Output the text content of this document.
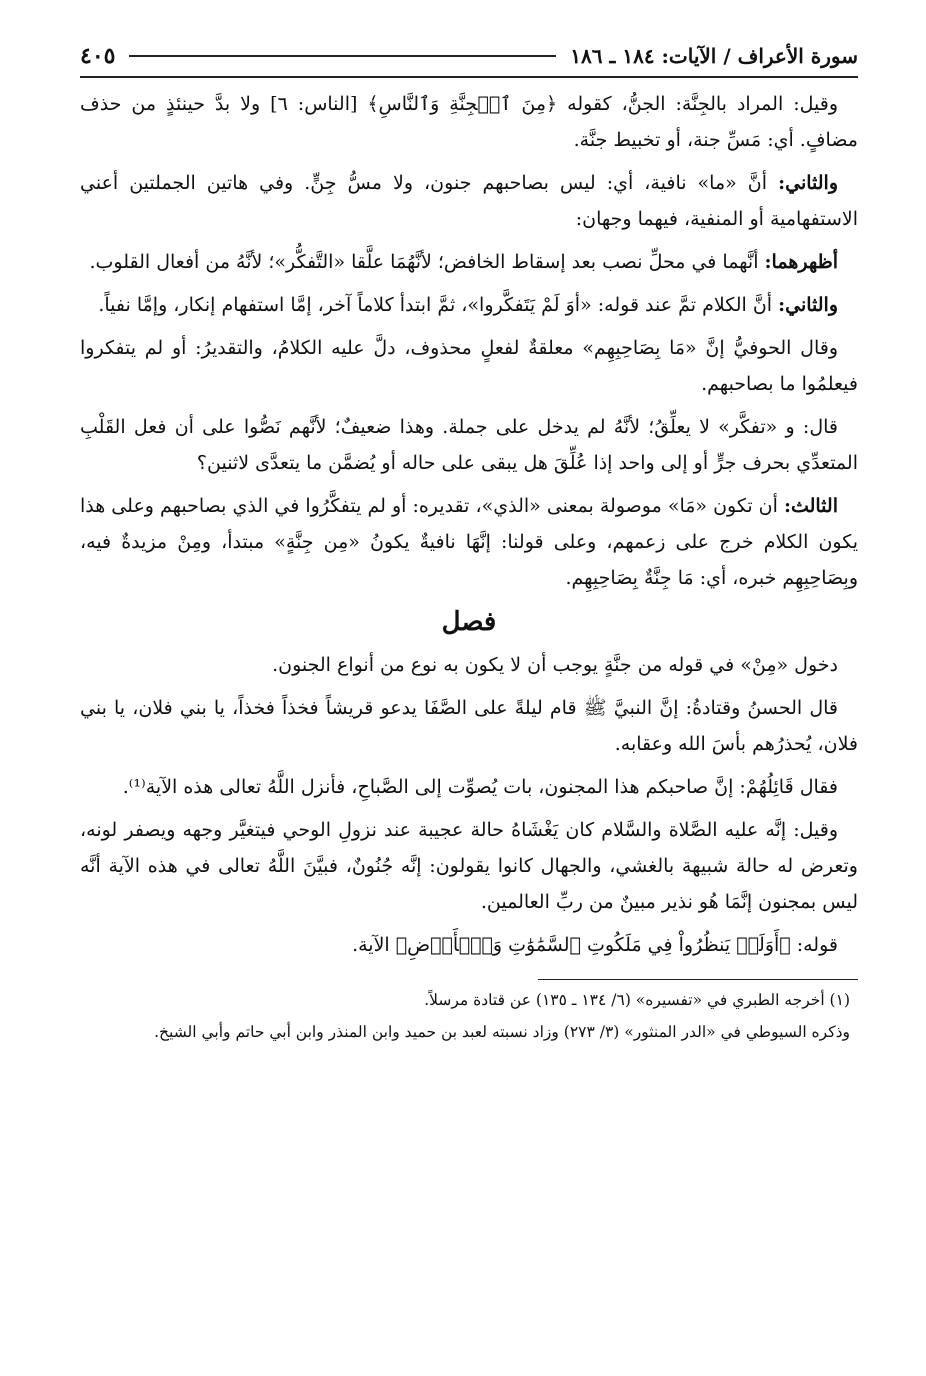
سورة الأعراف / الآيات: ١٨٤ ـ ١٨٦
٤٠٥

وقيل: المراد بالجِنَّة: الجنُّ، كقوله ﴿مِنَ ٱلۡجِنَّةِ وَٱلنَّاسِ﴾ [الناس: ٦] ولا بدَّ حينئذٍ من حذف مضافٍ. أي: مَسِّ جنة، أو تخبيط جنَّة.

والثاني: أنَّ «ما» نافية، أي: ليس بصاحبهم جنون، ولا مسُّ جِنٍّ. وفي هاتين الجملتين أعني الاستفهامية أو المنفية، فيهما وجهان:

أظهرهما: أنَّهما في محلِّ نصب بعد إسقاط الخافض؛ لأنَّهُمَا علَّقا «التَّفكُّر»؛ لأنَّهُ من أفعال القلوب.

والثاني: أنَّ الكلام تمَّ عند قوله: «أوَ لَمْ يَتَفكَّروا»، ثمَّ ابتدأ كلاماً آخر، إمَّا استفهام إنكار، وإمَّا نفياً.

وقال الحوفيُّ إنَّ «مَا بِصَاحِبِهِم» معلقةٌ لفعلٍ محذوف، دلَّ عليه الكلامُ، والتقديرُ: أو لم يتفكروا فيعلمُوا ما بصاحبهم.

قال: و «تفكَّر» لا يعلِّقُ؛ لأنَّهُ لم يدخل على جملة. وهذا ضعيفٌ؛ لأنَّهم نَصُّوا على أن فعل القَلْبِ المتعدِّي بحرف جرٍّ أو إلى واحد إذا عُلِّقَ هل يبقى على حاله أو يُضمَّن ما يتعدَّى لاثنين؟

الثالث: أن تكون «مَا» موصولة بمعنى «الذي»، تقديره: أو لم يتفكَّرُوا في الذي بصاحبهم وعلى هذا يكون الكلام خرج على زعمهم، وعلى قولنا: إنَّهَا نافيةٌ يكونُ «مِن جِنَّةٍ» مبتدأ، ومِنْ مزيدةٌ فيه، وبِصَاحِبِهِم خبره، أي: مَا جِنَّةٌ بِصَاحِبِهِم.

فصل

دخول «مِنْ» في قوله من جنَّةٍ يوجب أن لا يكون به نوع من أنواع الجنون.

قال الحسنُ وقتادةُ: إنَّ النبيَّ ﷺ قام ليلةً على الصَّفَا يدعو قريشاً فخذاً فخذاً، يا بني فلان، يا بني فلان، يُحذرُهم بأسَ الله وعقابه.

فقال قَائِلُهُمْ: إنَّ صاحبكم هذا المجنون، بات يُصوِّت إلى الصَّباحِ، فأنزل اللَّهُ تعالى هذه الآية⁽¹⁾.

وقيل: إنَّه عليه الصَّلاة والسَّلام كان يَغْشَاهُ حالة عجيبة عند نزولِ الوحي فيتغيَّر وجهه ويصفر لونه، وتعرض له حالة شبيهة بالغشي، والجهال كانوا يقولون: إنَّه جُنُونٌ، فبيَّنَ اللَّهُ تعالى في هذه الآية أنَّه ليس بمجنون إنَّمَا هُو نذير مبينٌ من ربِّ العالمين.

قوله: ﴿أَوَلَمۡ يَنظُرُواْ فِي مَلَكُوتِ ٱلسَّمَٰوَٰتِ وَٱلۡأَرۡضِ﴾ الآية.

(١) أخرجه الطبري في «تفسيره» (٦/ ١٣٤ ـ ١٣٥) عن قتادة مرسلاً.

وذكره السيوطي في «الدر المنثور» (٣/ ٢٧٣) وزاد نسبته لعبد بن حميد وابن المنذر وابن أبي حاتم وأبي الشيخ.
